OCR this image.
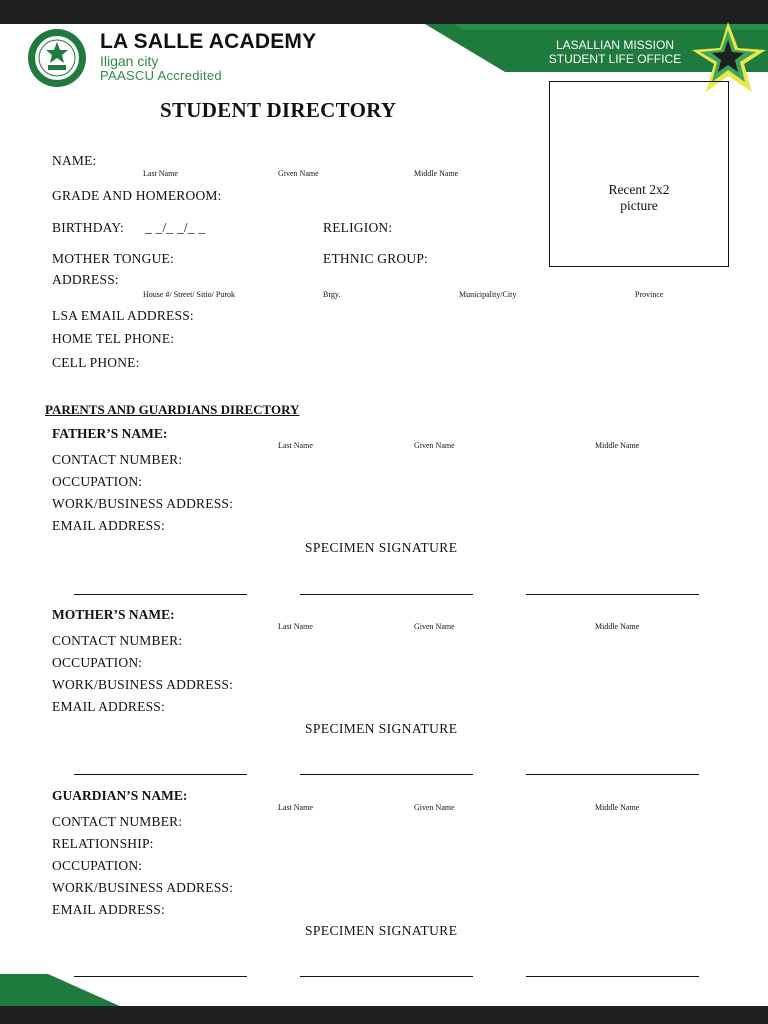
LA SALLE ACADEMY
Iligan city
PAASCU Accredited
LASALLIAN MISSION
STUDENT LIFE OFFICE
STUDENT DIRECTORY
Recent 2x2
picture
NAME:
Last Name	Given Name	Middle Name
GRADE AND HOMEROOM:
BIRTHDAY: _ _/_ _/_ _	RELIGION:
MOTHER TONGUE:	ETHNIC GROUP:
ADDRESS:
House #/ Street/ Sitio/ Purok	Brgy.	Municipality/City	Province
LSA EMAIL ADDRESS:
HOME TEL PHONE:
CELL PHONE:
PARENTS AND GUARDIANS DIRECTORY
FATHER’S NAME:
Last Name	Given Name	Middle Name
CONTACT NUMBER:
OCCUPATION:
WORK/BUSINESS ADDRESS:
EMAIL ADDRESS:
SPECIMEN SIGNATURE
MOTHER’S NAME:
Last Name	Given Name	Middle Name
CONTACT NUMBER:
OCCUPATION:
WORK/BUSINESS ADDRESS:
EMAIL ADDRESS:
SPECIMEN SIGNATURE
GUARDIAN’S NAME:
Last Name	Given Name	Middle Name
CONTACT NUMBER:
RELATIONSHIP:
OCCUPATION:
WORK/BUSINESS ADDRESS:
EMAIL ADDRESS:
SPECIMEN SIGNATURE
